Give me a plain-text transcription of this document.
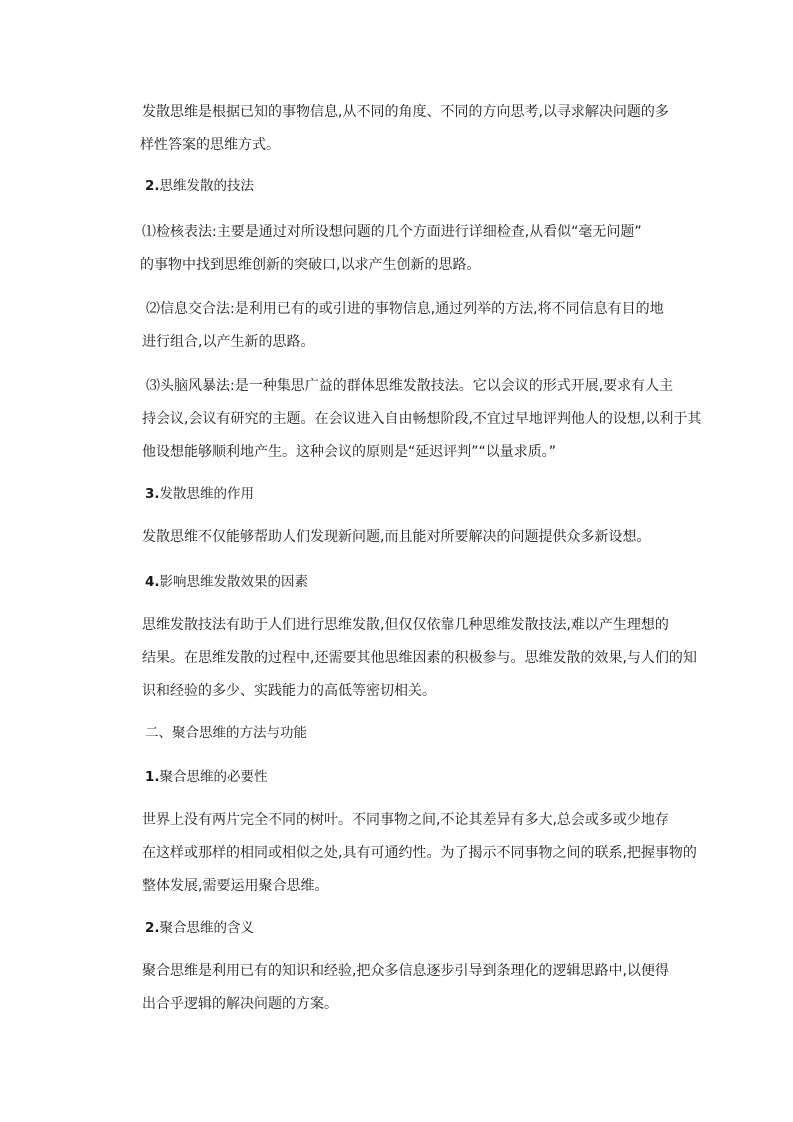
发散思维是根据已知的事物信息,从不同的角度、不同的方向思考,以寻求解决问题的多
样性答案的思维方式。
2.思维发散的技法
⑴检核表法:主要是通过对所设想问题的几个方面进行详细检查,从看似“毫无问题”
的事物中找到思维创新的突破口,以求产生创新的思路。
⑵信息交合法:是利用已有的或引进的事物信息,通过列举的方法,将不同信息有目的地
进行组合,以产生新的思路。
⑶头脑风暴法:是一种集思广益的群体思维发散技法。它以会议的形式开展,要求有人主
持会议,会议有研究的主题。在会议进入自由畅想阶段,不宜过早地评判他人的设想,以利于其
他设想能够顺利地产生。这种会议的原则是“延迟评判”“以量求质。”
3.发散思维的作用
发散思维不仅能够帮助人们发现新问题,而且能对所要解决的问题提供众多新设想。
4.影响思维发散效果的因素
思维发散技法有助于人们进行思维发散,但仅仅依靠几种思维发散技法,难以产生理想的
结果。在思维发散的过程中,还需要其他思维因素的积极参与。思维发散的效果,与人们的知
识和经验的多少、实践能力的高低等密切相关。
二、聚合思维的方法与功能
1.聚合思维的必要性
世界上没有两片完全不同的树叶。不同事物之间,不论其差异有多大,总会或多或少地存
在这样或那样的相同或相似之处,具有可通约性。为了揭示不同事物之间的联系,把握事物的
整体发展,需要运用聚合思维。
2.聚合思维的含义
聚合思维是利用已有的知识和经验,把众多信息逐步引导到条理化的逻辑思路中,以便得
出合乎逻辑的解决问题的方案。
